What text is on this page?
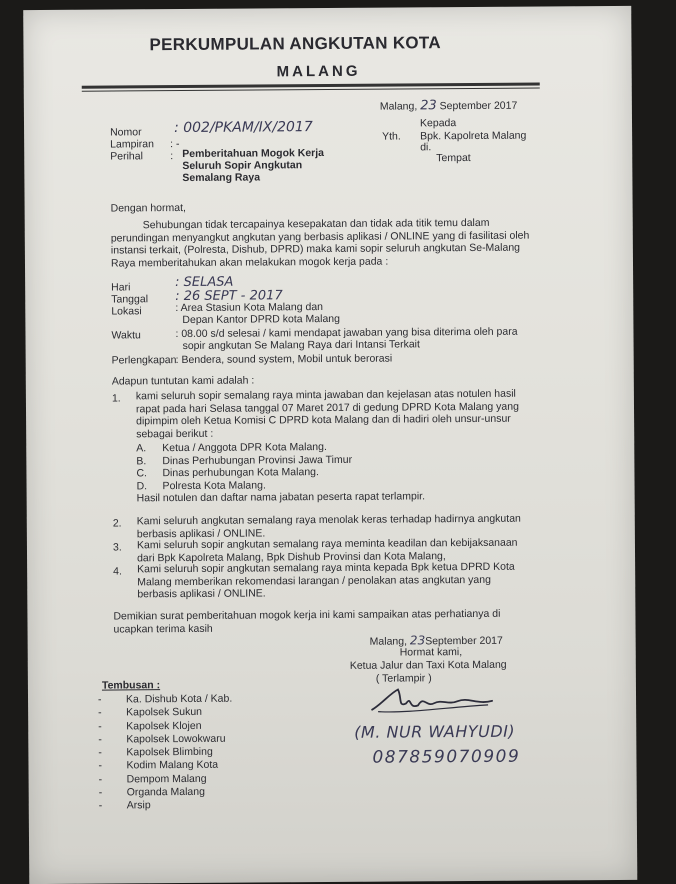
PERKUMPULAN ANGKUTAN KOTA
MALANG
Malang, 23 September 2017
Nomor : 002/PKAM/IX/2017
Lampiran : -
Perihal	: Pemberitahuan Mogok Kerja
Seluruh Sopir Angkutan
Semalang Raya
Kepada
Yth. Bpk. Kapolreta Malang
di.
Tempat
Dengan hormat,
Sehubungan tidak tercapainya kesepakatan dan tidak ada titik temu dalam
perundingan menyangkut angkutan yang berbasis aplikasi / ONLINE yang di fasilitasi oleh
instansi terkait, (Polresta, Dishub, DPRD) maka kami sopir seluruh angkutan Se-Malang
Raya memberitahukan akan melakukan mogok kerja pada :
Hari	: SELASA
Tanggal : 26 SEPT - 2017
Lokasi	: Area Stasiun Kota Malang dan
Depan Kantor DPRD kota Malang
Waktu	: 08.00 s/d selesai / kami mendapat jawaban yang bisa diterima oleh para
sopir angkutan Se Malang Raya dari Intansi Terkait
Perlengkapan : Bendera, sound system, Mobil untuk berorasi
Adapun tuntutan kami adalah :
1. kami seluruh sopir semalang raya minta jawaban dan kejelasan atas notulen hasil
rapat pada hari Selasa tanggal 07 Maret 2017 di gedung DPRD Kota Malang yang
dipimpim oleh Ketua Komisi C DPRD kota Malang dan di hadiri oleh unsur-unsur
sebagai berikut :
A. Ketua / Anggota DPR Kota Malang.
B. Dinas Perhubungan Provinsi Jawa Timur
C. Dinas perhubungan Kota Malang.
D. Polresta Kota Malang.
Hasil notulen dan daftar nama jabatan peserta rapat terlampir.
2. Kami seluruh angkutan semalang raya menolak keras terhadap hadirnya angkutan
berbasis aplikasi / ONLINE.
3. Kami seluruh sopir angkutan semalang raya meminta keadilan dan kebijaksanaan
dari Bpk Kapolreta Malang, Bpk Dishub Provinsi dan Kota Malang,
4. Kami seluruh sopir angkutan semalang raya minta kepada Bpk ketua DPRD Kota
Malang memberikan rekomendasi larangan / penolakan atas angkutan yang
berbasis aplikasi / ONLINE.
Demikian surat pemberitahuan mogok kerja ini kami sampaikan atas perhatianya di
ucapkan terima kasih
Malang, 23September 2017
Hormat kami,
Ketua Jalur dan Taxi Kota Malang
( Terlampir )
(M. NUR WAHYUDI)
087859070909
Tembusan :
- Ka. Dishub Kota / Kab.
- Kapolsek Sukun
- Kapolsek Klojen
- Kapolsek Lowokwaru
- Kapolsek Blimbing
- Kodim Malang Kota
- Dempom Malang
- Organda Malang
- Arsip
